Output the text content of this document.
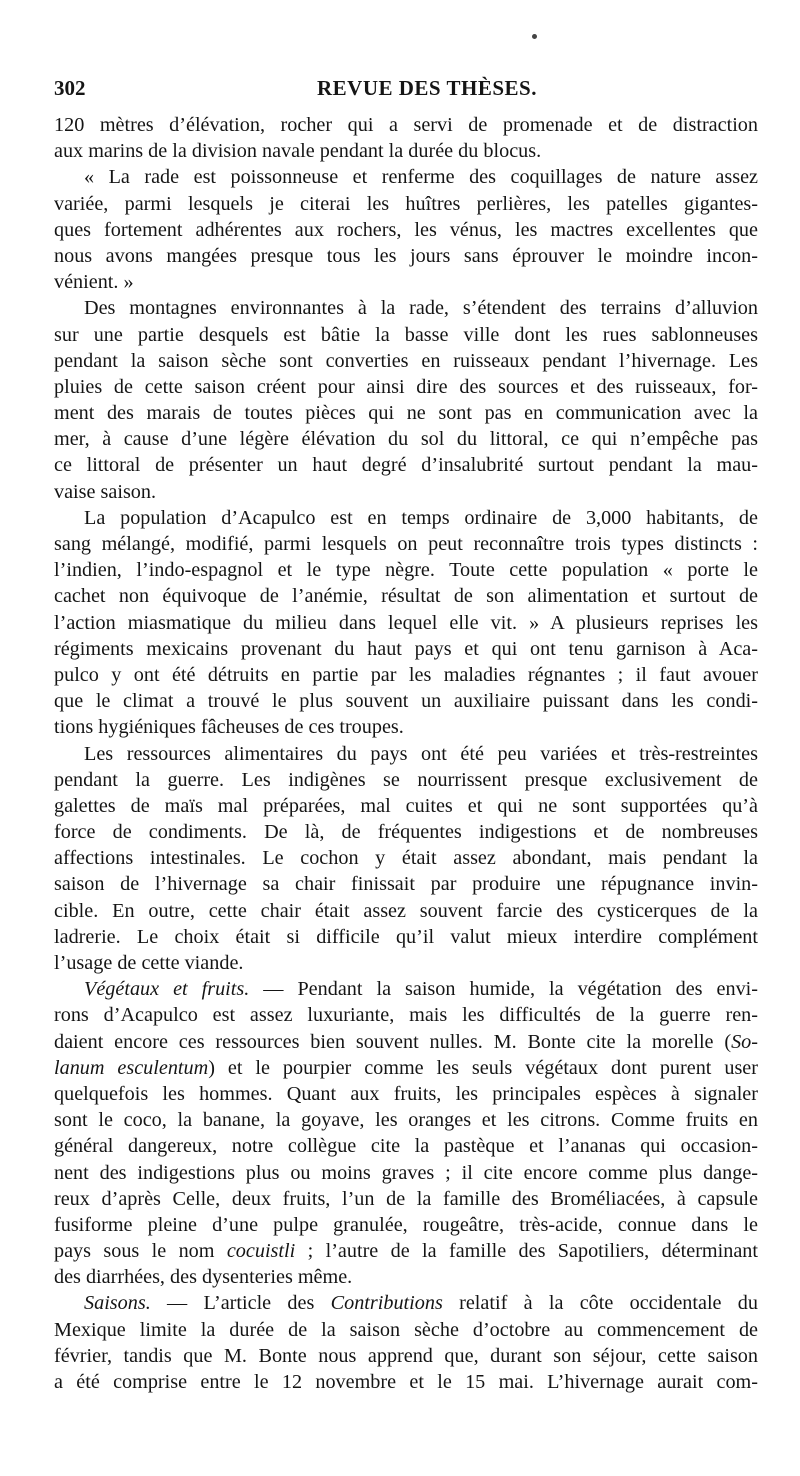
302	REVUE DES THÈSES.
120 mètres d’élévation, rocher qui a servi de promenade et de distraction
aux marins de la division navale pendant la durée du blocus.
« La rade est poissonneuse et renferme des coquillages de nature assez
variée, parmi lesquels je citerai les huîtres perlières, les patelles gigantes-
ques fortement adhérentes aux rochers, les vénus, les mactres excellentes que
nous avons mangées presque tous les jours sans éprouver le moindre incon-
vénient. »
Des montagnes environnantes à la rade, s’étendent des terrains d’alluvion
sur une partie desquels est bâtie la basse ville dont les rues sablonneuses
pendant la saison sèche sont converties en ruisseaux pendant l’hivernage. Les
pluies de cette saison créent pour ainsi dire des sources et des ruisseaux, for-
ment des marais de toutes pièces qui ne sont pas en communication avec la
mer, à cause d’une légère élévation du sol du littoral, ce qui n’empêche pas
ce littoral de présenter un haut degré d’insalubrité surtout pendant la mau-
vaise saison.
La population d’Acapulco est en temps ordinaire de 3,000 habitants, de
sang mélangé, modifié, parmi lesquels on peut reconnaître trois types distincts :
l’indien, l’indo-espagnol et le type nègre. Toute cette population « porte le
cachet non équivoque de l’anémie, résultat de son alimentation et surtout de
l’action miasmatique du milieu dans lequel elle vit. » A plusieurs reprises les
régiments mexicains provenant du haut pays et qui ont tenu garnison à Aca-
pulco y ont été détruits en partie par les maladies régnantes ; il faut avouer
que le climat a trouvé le plus souvent un auxiliaire puissant dans les condi-
tions hygiéniques fâcheuses de ces troupes.
Les ressources alimentaires du pays ont été peu variées et très-restreintes
pendant la guerre. Les indigènes se nourrissent presque exclusivement de
galettes de maïs mal préparées, mal cuites et qui ne sont supportées qu’à
force de condiments. De là, de fréquentes indigestions et de nombreuses
affections intestinales. Le cochon y était assez abondant, mais pendant la
saison de l’hivernage sa chair finissait par produire une répugnance invin-
cible. En outre, cette chair était assez souvent farcie des cysticerques de la
ladrerie. Le choix était si difficile qu’il valut mieux interdire complément
l’usage de cette viande.
Végétaux et fruits. — Pendant la saison humide, la végétation des envi-
rons d’Acapulco est assez luxuriante, mais les difficultés de la guerre ren-
daient encore ces ressources bien souvent nulles. M. Bonte cite la morelle (So-
lanum esculentum) et le pourpier comme les seuls végétaux dont purent user
quelquefois les hommes. Quant aux fruits, les principales espèces à signaler
sont le coco, la banane, la goyave, les oranges et les citrons. Comme fruits en
général dangereux, notre collègue cite la pastèque et l’ananas qui occasion-
nent des indigestions plus ou moins graves ; il cite encore comme plus dange-
reux d’après Celle, deux fruits, l’un de la famille des Broméliacées, à capsule
fusiforme pleine d’une pulpe granulée, rougeâtre, très-acide, connue dans le
pays sous le nom cocuistli ; l’autre de la famille des Sapotiliers, déterminant
des diarrhées, des dysenteries même.
Saisons. — L’article des Contributions relatif à la côte occidentale du
Mexique limite la durée de la saison sèche d’octobre au commencement de
février, tandis que M. Bonte nous apprend que, durant son séjour, cette saison
a été comprise entre le 12 novembre et le 15 mai. L’hivernage aurait com-
